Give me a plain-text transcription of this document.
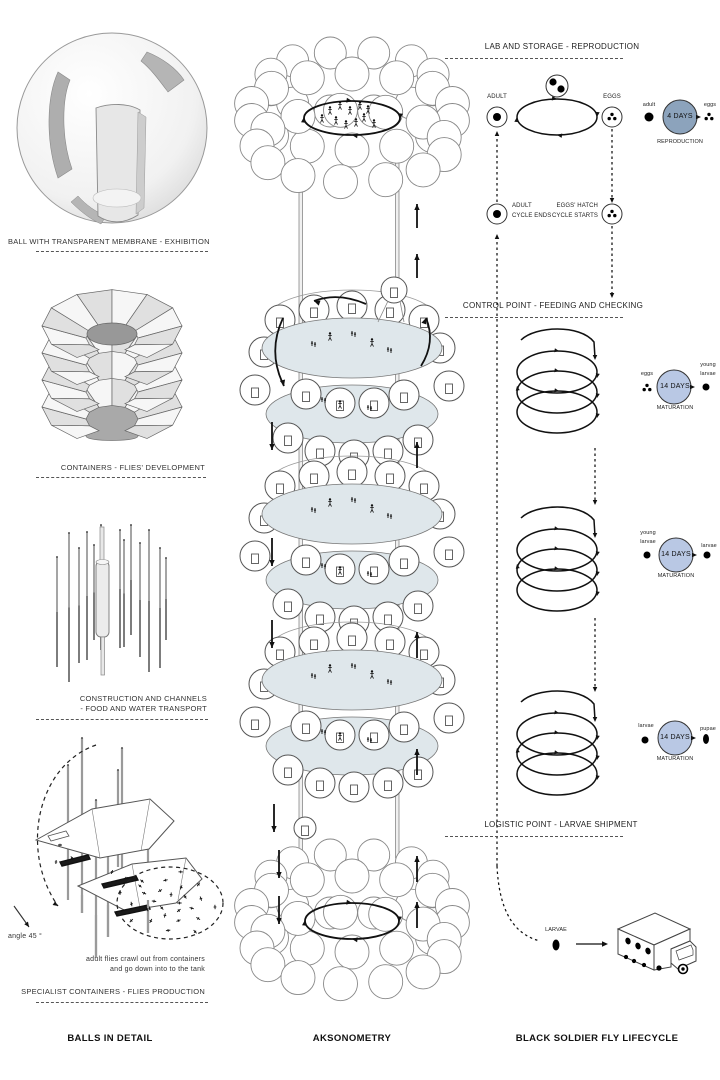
BALL WITH TRANSPARENT MEMBRANE - EXHIBITION
CONTAINERS - FLIES' DEVELOPMENT
CONSTRUCTION AND CHANNELS
- FOOD AND WATER TRANSPORT
angle 45 °
adult flies crawl out from containers
and go down into to the tank
SPECIALIST CONTAINERS - FLIES PRODUCTION
BALLS IN DETAIL	AKSONOMETRY	BLACK SOLDIER FLY LIFECYCLE
LAB AND STORAGE - REPRODUCTION
ADULT	EGGS
ADULT
CYCLE ENDS
EGGS' HATCH
CYCLE STARTS
adult	eggs
4 DAYS
REPRODUCTION
CONTROL POINT - FEEDING AND CHECKING
eggs
14 DAYS
young
larvae
MATURATION
young
larvae
14 DAYS
larvae
MATURATION
larvae
14 DAYS
pupae
MATURATION
LOGISTIC POINT - LARVAE SHIPMENT
LARVAE
